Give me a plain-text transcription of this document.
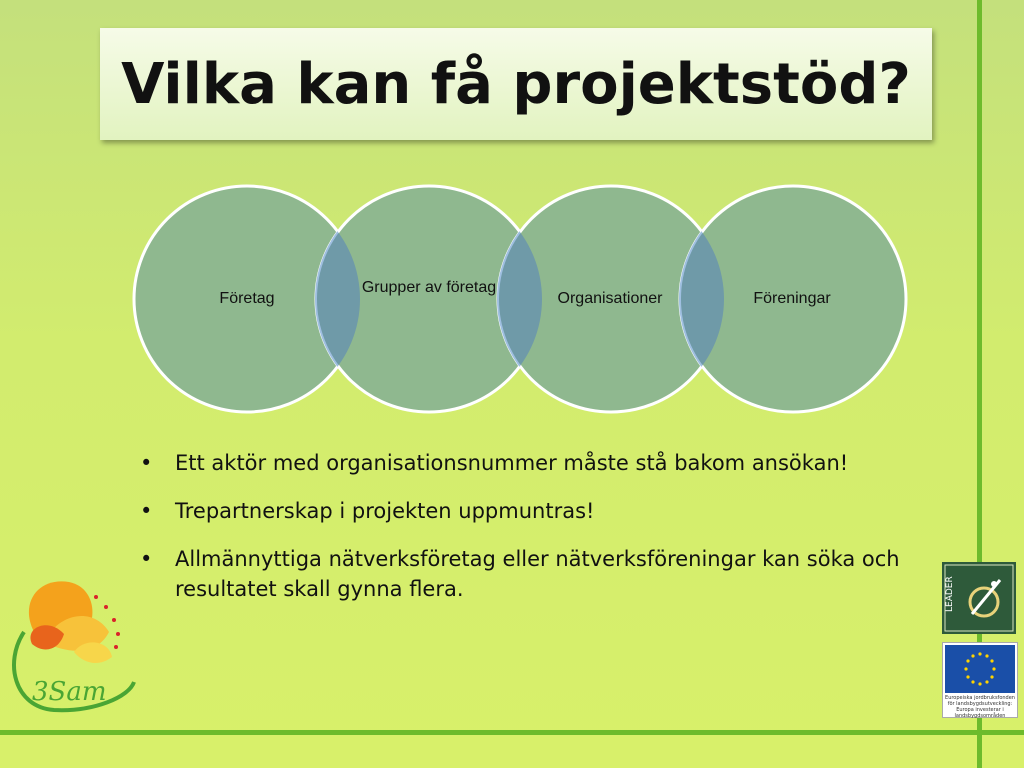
Vilka kan få projektstöd?
Företag
Grupper av företag
Organisationer	Föreningar
• Ett aktör med organisationsnummer måste stå bakom ansökan!
• Trepartnerskap i projekten uppmuntras!
• Allmännyttiga nätverksföretag eller nätverksföreningar kan söka och resultatet skall gynna flera.
3Sam
LEADER
Europeiska jordbruksfonden för landsbygdsutveckling: Europa investerar i landsbygdsområden
